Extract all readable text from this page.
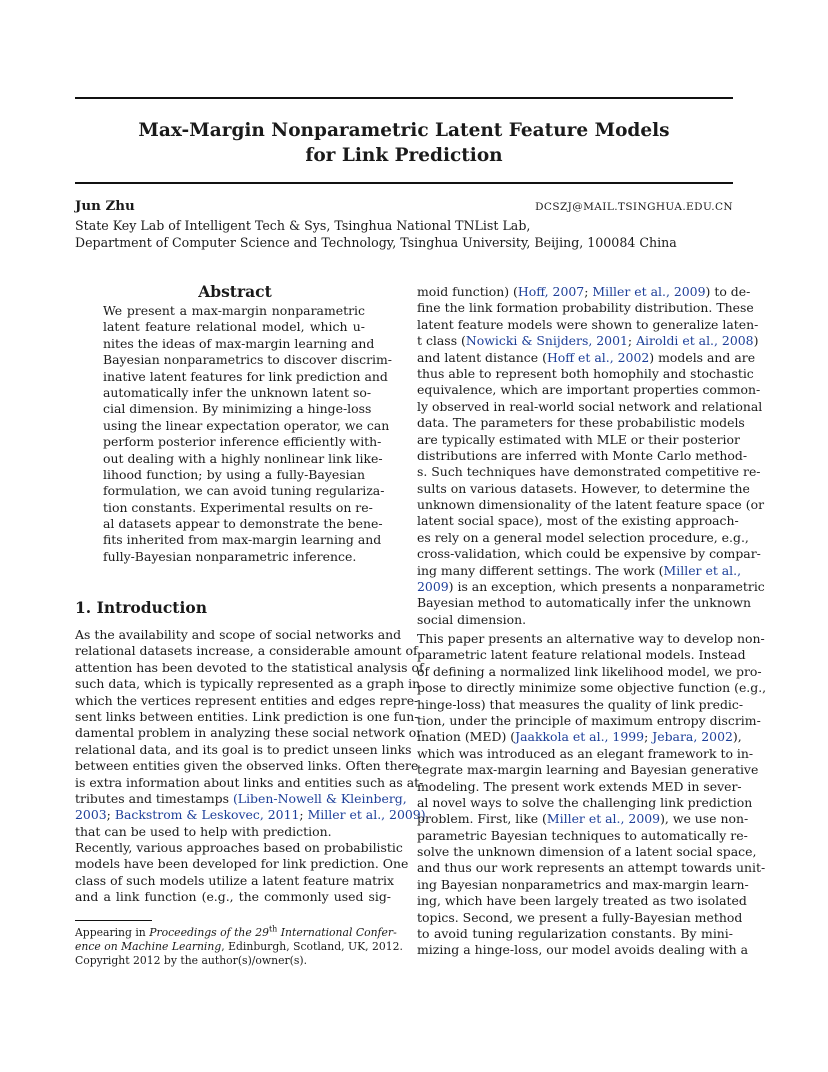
Max-Margin Nonparametric Latent Feature Models
for Link Prediction
Jun Zhu	DCSZJ@MAIL.TSINGHUA.EDU.CN
State Key Lab of Intelligent Tech & Sys, Tsinghua National TNList Lab,
Department of Computer Science and Technology, Tsinghua University, Beijing, 100084 China
Abstract
We present a max-margin nonparametric
latent feature relational model, which u-
nites the ideas of max-margin learning and
Bayesian nonparametrics to discover discrim-
inative latent features for link prediction and
automatically infer the unknown latent so-
cial dimension. By minimizing a hinge-loss
using the linear expectation operator, we can
perform posterior inference efficiently with-
out dealing with a highly nonlinear link like-
lihood function; by using a fully-Bayesian
formulation, we can avoid tuning regulariza-
tion constants. Experimental results on re-
al datasets appear to demonstrate the bene-
fits inherited from max-margin learning and
fully-Bayesian nonparametric inference.
1. Introduction
As the availability and scope of social networks and
relational datasets increase, a considerable amount of
attention has been devoted to the statistical analysis of
such data, which is typically represented as a graph in
which the vertices represent entities and edges repre-
sent links between entities. Link prediction is one fun-
damental problem in analyzing these social network or
relational data, and its goal is to predict unseen links
between entities given the observed links. Often there
is extra information about links and entities such as at-
tributes and timestamps (Liben-Nowell & Kleinberg,
2003; Backstrom & Leskovec, 2011; Miller et al., 2009)
that can be used to help with prediction.
Recently, various approaches based on probabilistic
models have been developed for link prediction. One
class of such models utilize a latent feature matrix
and a link function (e.g., the commonly used sig-
Appearing in Proceedings of the 29th International Confer-
ence on Machine Learning, Edinburgh, Scotland, UK, 2012.
Copyright 2012 by the author(s)/owner(s).
moid function) (Hoff, 2007; Miller et al., 2009) to de-
fine the link formation probability distribution. These
latent feature models were shown to generalize laten-
t class (Nowicki & Snijders, 2001; Airoldi et al., 2008)
and latent distance (Hoff et al., 2002) models and are
thus able to represent both homophily and stochastic
equivalence, which are important properties common-
ly observed in real-world social network and relational
data. The parameters for these probabilistic models
are typically estimated with MLE or their posterior
distributions are inferred with Monte Carlo method-
s. Such techniques have demonstrated competitive re-
sults on various datasets. However, to determine the
unknown dimensionality of the latent feature space (or
latent social space), most of the existing approach-
es rely on a general model selection procedure, e.g.,
cross-validation, which could be expensive by compar-
ing many different settings. The work (Miller et al.,
2009) is an exception, which presents a nonparametric
Bayesian method to automatically infer the unknown
social dimension.
This paper presents an alternative way to develop non-
parametric latent feature relational models. Instead
of defining a normalized link likelihood model, we pro-
pose to directly minimize some objective function (e.g.,
hinge-loss) that measures the quality of link predic-
tion, under the principle of maximum entropy discrim-
ination (MED) (Jaakkola et al., 1999; Jebara, 2002),
which was introduced as an elegant framework to in-
tegrate max-margin learning and Bayesian generative
modeling. The present work extends MED in sever-
al novel ways to solve the challenging link prediction
problem. First, like (Miller et al., 2009), we use non-
parametric Bayesian techniques to automatically re-
solve the unknown dimension of a latent social space,
and thus our work represents an attempt towards unit-
ing Bayesian nonparametrics and max-margin learn-
ing, which have been largely treated as two isolated
topics. Second, we present a fully-Bayesian method
to avoid tuning regularization constants. By mini-
mizing a hinge-loss, our model avoids dealing with a
